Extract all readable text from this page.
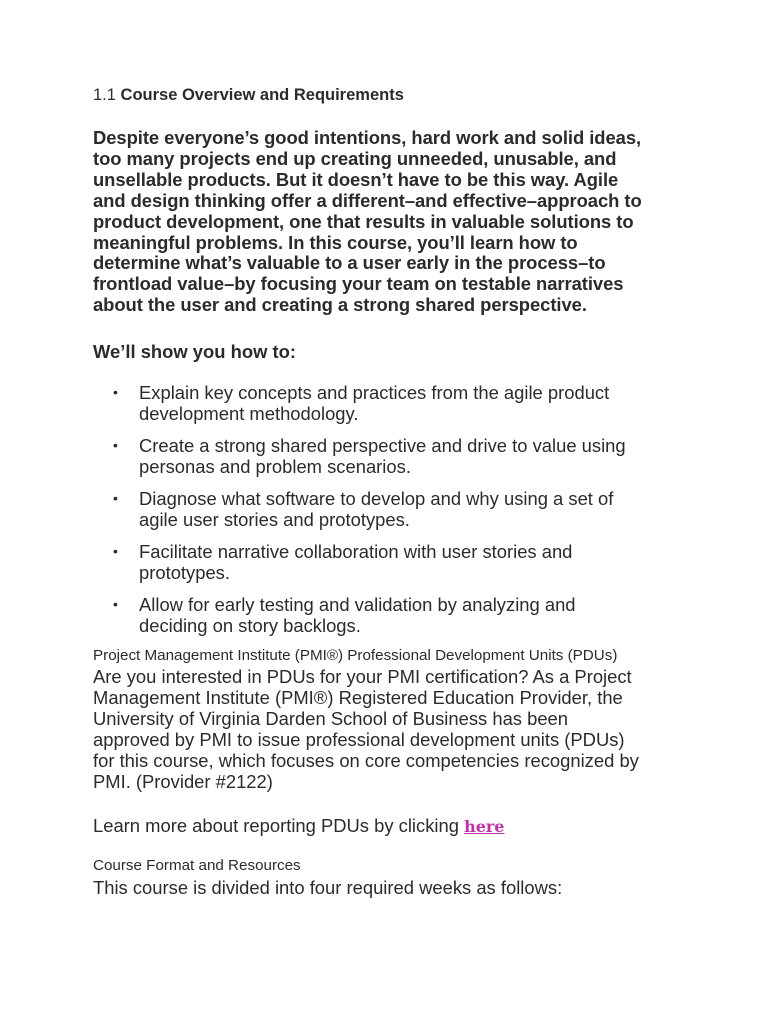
1.1 Course Overview and Requirements

Despite everyone’s good intentions, hard work and solid ideas,
too many projects end up creating unneeded, unusable, and
unsellable products. But it doesn’t have to be this way. Agile
and design thinking offer a different–and effective–approach to
product development, one that results in valuable solutions to
meaningful problems. In this course, you’ll learn how to
determine what’s valuable to a user early in the process–to
frontload value–by focusing your team on testable narratives
about the user and creating a strong shared perspective.

We’ll show you how to:

• Explain key concepts and practices from the agile product
development methodology.
• Create a strong shared perspective and drive to value using
personas and problem scenarios.
• Diagnose what software to develop and why using a set of
agile user stories and prototypes.
• Facilitate narrative collaboration with user stories and
prototypes.
• Allow for early testing and validation by analyzing and
deciding on story backlogs.

Project Management Institute (PMI®) Professional Development Units (PDUs)

Are you interested in PDUs for your PMI certification? As a Project
Management Institute (PMI®) Registered Education Provider, the
University of Virginia Darden School of Business has been
approved by PMI to issue professional development units (PDUs)
for this course, which focuses on core competencies recognized by
PMI. (Provider #2122)

Learn more about reporting PDUs by clicking here

Course Format and Resources

This course is divided into four required weeks as follows:
